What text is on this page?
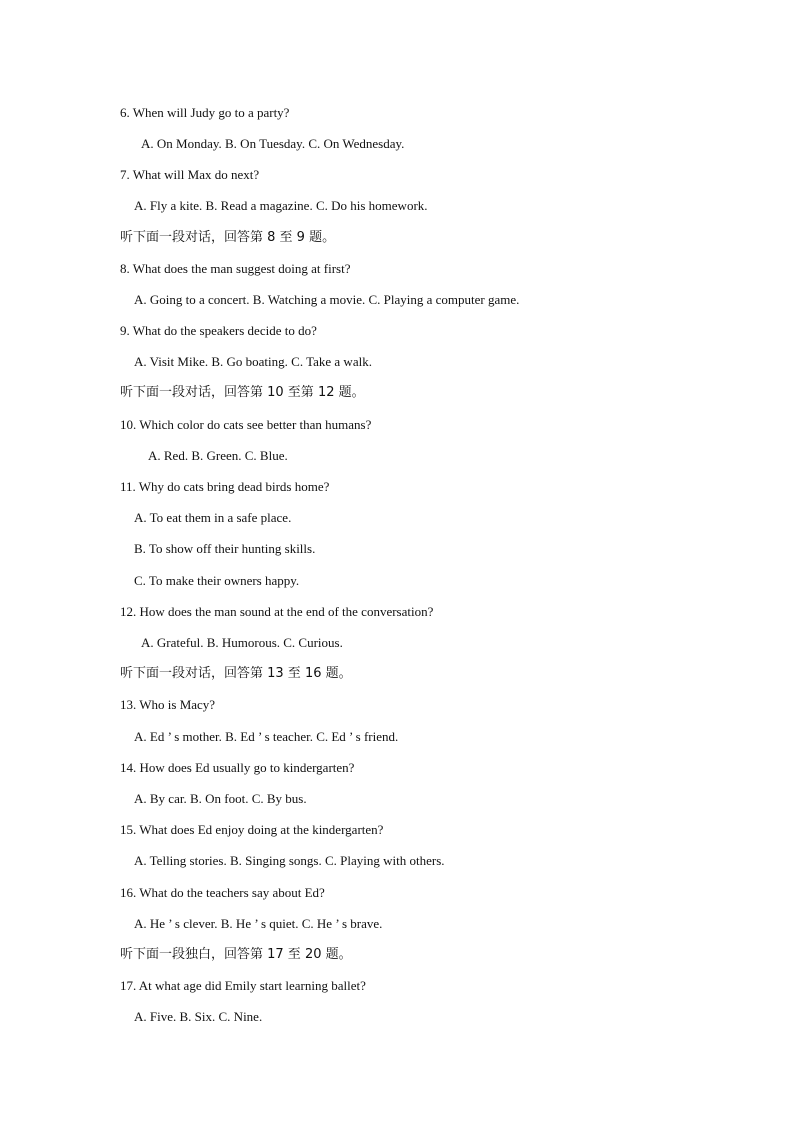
6. When will Judy go to a party?
A. On Monday. B. On Tuesday. C. On Wednesday.
7. What will Max do next?
A. Fly a kite. B. Read a magazine. C. Do his homework.
听下面一段对话，回答第 8 至 9 题。
8. What does the man suggest doing at first?
A. Going to a concert. B. Watching a movie. C. Playing a computer game.
9. What do the speakers decide to do?
A. Visit Mike. B. Go boating. C. Take a walk.
听下面一段对话，回答第 10 至第 12 题。
10. Which color do cats see better than humans?
A. Red. B. Green. C. Blue.
11. Why do cats bring dead birds home?
A. To eat them in a safe place.
B. To show off their hunting skills.
C. To make their owners happy.
12. How does the man sound at the end of the conversation?
A. Grateful. B. Humorous. C. Curious.
听下面一段对话，回答第 13 至 16 题。
13. Who is Macy?
A. Ed ’ s mother. B. Ed ’ s teacher. C. Ed ’ s friend.
14. How does Ed usually go to kindergarten?
A. By car. B. On foot. C. By bus.
15. What does Ed enjoy doing at the kindergarten?
A. Telling stories. B. Singing songs. C. Playing with others.
16. What do the teachers say about Ed?
A. He ’ s clever. B. He ’ s quiet. C. He ’ s brave.
听下面一段独白，回答第 17 至 20 题。
17. At what age did Emily start learning ballet?
A. Five. B. Six. C. Nine.
